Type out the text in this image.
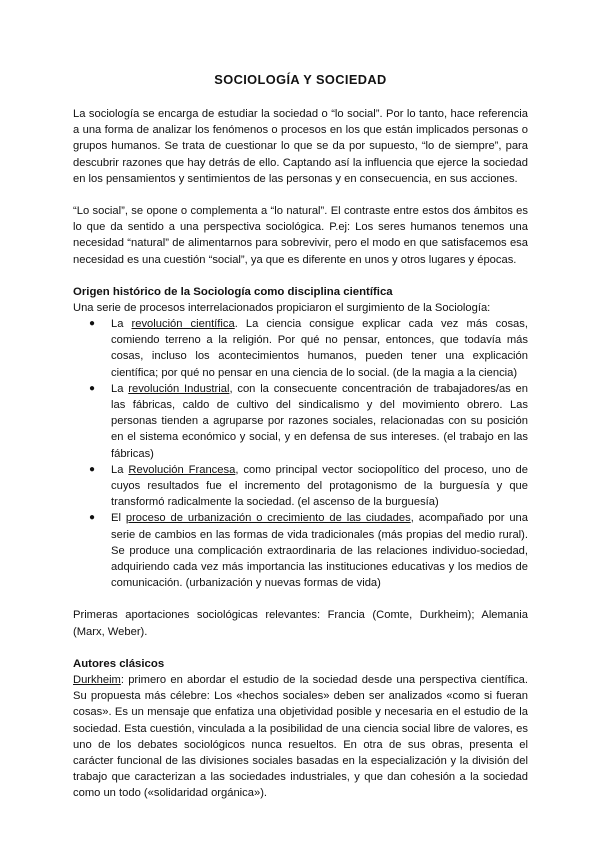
SOCIOLOGÍA Y SOCIEDAD

La sociología se encarga de estudiar la sociedad o “lo social”. Por lo tanto, hace referencia a una forma de analizar los fenómenos o procesos en los que están implicados personas o grupos humanos. Se trata de cuestionar lo que se da por supuesto, “lo de siempre”, para descubrir razones que hay detrás de ello. Captando así la influencia que ejerce la sociedad en los pensamientos y sentimientos de las personas y en consecuencia, en sus acciones.

“Lo social”, se opone o complementa a “lo natural”. El contraste entre estos dos ámbitos es lo que da sentido a una perspectiva sociológica. P.ej: Los seres humanos tenemos una necesidad “natural” de alimentarnos para sobrevivir, pero el modo en que satisfacemos esa necesidad es una cuestión “social”, ya que es diferente en unos y otros lugares y épocas.

Origen histórico de la Sociología como disciplina científica

Una serie de procesos interrelacionados propiciaron el surgimiento de la Sociología:

● La revolución científica. La ciencia consigue explicar cada vez más cosas, comiendo terreno a la religión. Por qué no pensar, entonces, que todavía más cosas, incluso los acontecimientos humanos, pueden tener una explicación científica; por qué no pensar en una ciencia de lo social. (de la magia a la ciencia)
● La revolución Industrial, con la consecuente concentración de trabajadores/as en las fábricas, caldo de cultivo del sindicalismo y del movimiento obrero. Las personas tienden a agruparse por razones sociales, relacionadas con su posición en el sistema económico y social, y en defensa de sus intereses. (el trabajo en las fábricas)
● La Revolución Francesa, como principal vector sociopolítico del proceso, uno de cuyos resultados fue el incremento del protagonismo de la burguesía y que transformó radicalmente la sociedad. (el ascenso de la burguesía)
● El proceso de urbanización o crecimiento de las ciudades, acompañado por una serie de cambios en las formas de vida tradicionales (más propias del medio rural). Se produce una complicación extraordinaria de las relaciones individuo-sociedad, adquiriendo cada vez más importancia las instituciones educativas y los medios de comunicación. (urbanización y nuevas formas de vida)

Primeras aportaciones sociológicas relevantes: Francia (Comte, Durkheim); Alemania (Marx, Weber).

Autores clásicos

Durkheim: primero en abordar el estudio de la sociedad desde una perspectiva científica. Su propuesta más célebre: Los «hechos sociales» deben ser analizados «como si fueran cosas». Es un mensaje que enfatiza una objetividad posible y necesaria en el estudio de la sociedad. Esta cuestión, vinculada a la posibilidad de una ciencia social libre de valores, es uno de los debates sociológicos nunca resueltos. En otra de sus obras, presenta el carácter funcional de las divisiones sociales basadas en la especialización y la división del trabajo que caracterizan a las sociedades industriales, y que dan cohesión a la sociedad como un todo («solidaridad orgánica»).
